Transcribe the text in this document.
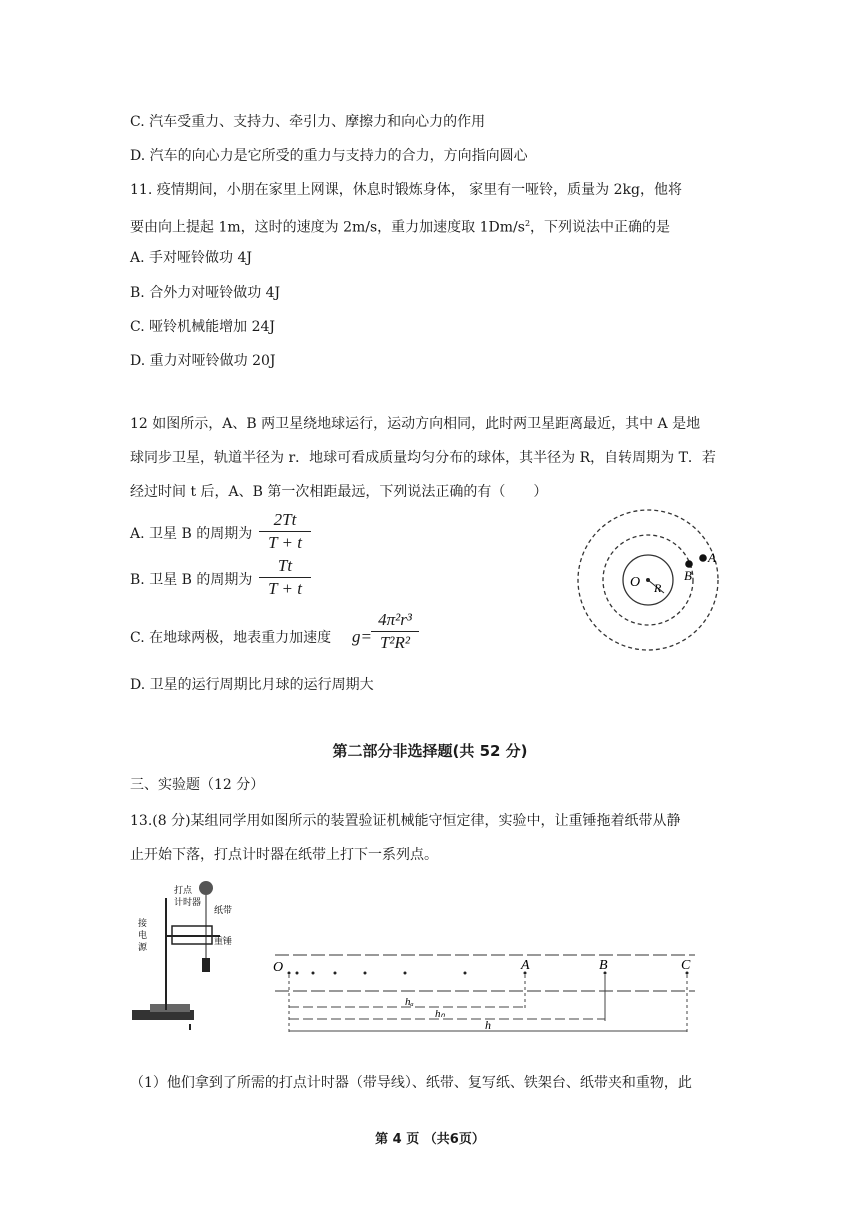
C. 汽车受重力、支持力、牵引力、摩擦力和向心力的作用
D. 汽车的向心力是它所受的重力与支持力的合力，方向指向圆心
11. 疫情期间，小朋在家里上网课，休息时锻炼身体， 家里有一哑铃，质量为 2kg，他将
要由向上提起 1m，这时的速度为 2m/s，重力加速度取 $1Dm/s^2$，下列说法中正确的是
A. 手对哑铃做功 4J
B. 合外力对哑铃做功 4J
C. 哑铃机械能增加 24J
D. 重力对哑铃做功 20J
12 如图所示，A、B 两卫星绕地球运行，运动方向相同，此时两卫星距离最近，其中 A 是地
球同步卫星，轨道半径为 r．地球可看成质量均匀分布的球体，其半径为 R，自转周期为 T．若
经过时间 t 后，A、B 第一次相距最远，下列说法正确的有（　　）
A. 卫星 B 的周期为
2Tt
T + t
B. 卫星 B 的周期为
Tt
T + t
C. 在地球两极，地表重力加速度 g=
4π²r³
T²R²
D. 卫星的运行周期比月球的运行周期大
O R
B
A
第二部分非选择题(共 52 分)
三、实验题（12 分）
13.(8 分)某组同学用如图所示的装置验证机械能守恒定律，实验中，让重锤拖着纸带从静
止开始下落，打点计时器在纸带上打下一系列点。
打点
计时器
纸带
接
电
源
重锤
O	A	B	C
hₐ
hₙ
h
（1）他们拿到了所需的打点计时器（带导线）、纸带、复写纸、铁架台、纸带夹和重物，此
第 4 页 （共6页）
